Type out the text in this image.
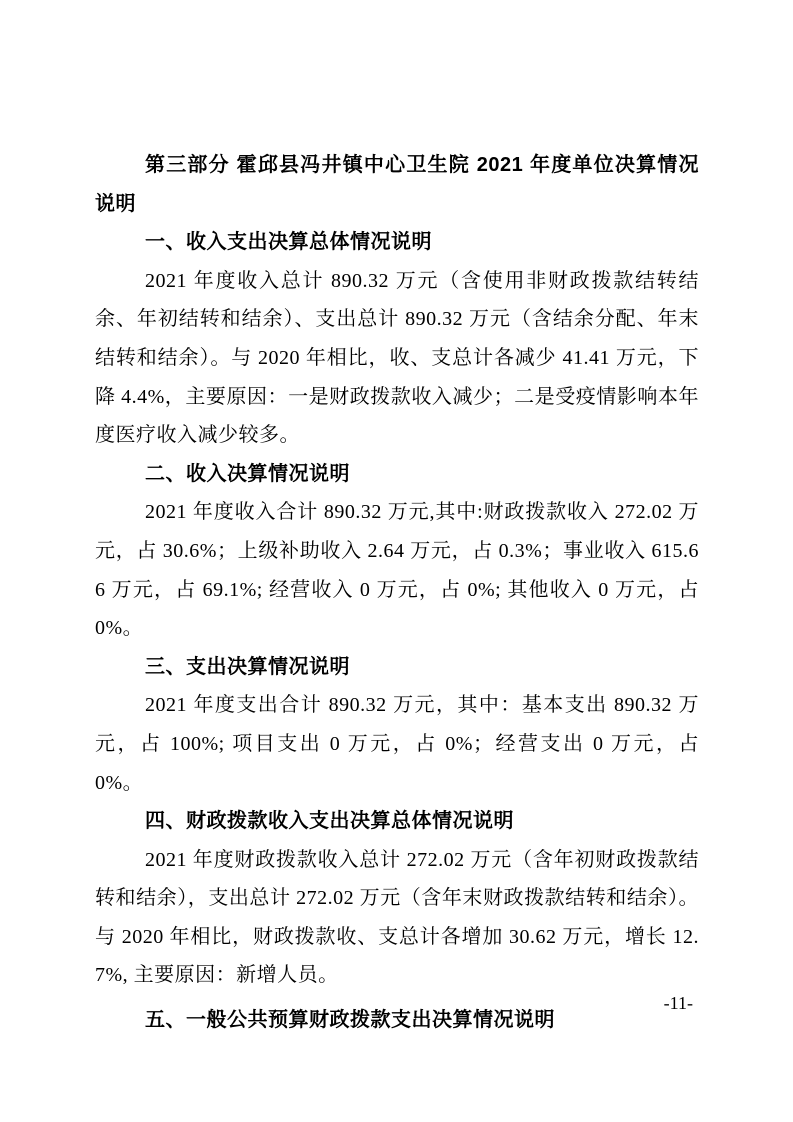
第三部分 霍邱县冯井镇中心卫生院 2021 年度单位决算情况说明

一、收入支出决算总体情况说明

2021 年度收入总计 890.32 万元（含使用非财政拨款结转结余、年初结转和结余）、支出总计 890.32 万元（含结余分配、年末结转和结余）。与 2020 年相比，收、支总计各减少 41.41 万元，下降 4.4%，主要原因：一是财政拨款收入减少；二是受疫情影响本年度医疗收入减少较多。

二、收入决算情况说明

2021 年度收入合计 890.32 万元,其中:财政拨款收入 272.02 万元，占 30.6%；上级补助收入 2.64 万元，占 0.3%；事业收入 615.66 万元，占 69.1%; 经营收入 0 万元，占 0%; 其他收入 0 万元，占 0%。

三、支出决算情况说明

2021 年度支出合计 890.32 万元，其中：基本支出 890.32 万元，占 100%; 项目支出 0 万元，占 0%；经营支出 0 万元，占 0%。

四、财政拨款收入支出决算总体情况说明

2021 年度财政拨款收入总计 272.02 万元（含年初财政拨款结转和结余），支出总计 272.02 万元（含年末财政拨款结转和结余）。与 2020 年相比，财政拨款收、支总计各增加 30.62 万元，增长 12.7%, 主要原因：新增人员。

五、一般公共预算财政拨款支出决算情况说明

-11-
